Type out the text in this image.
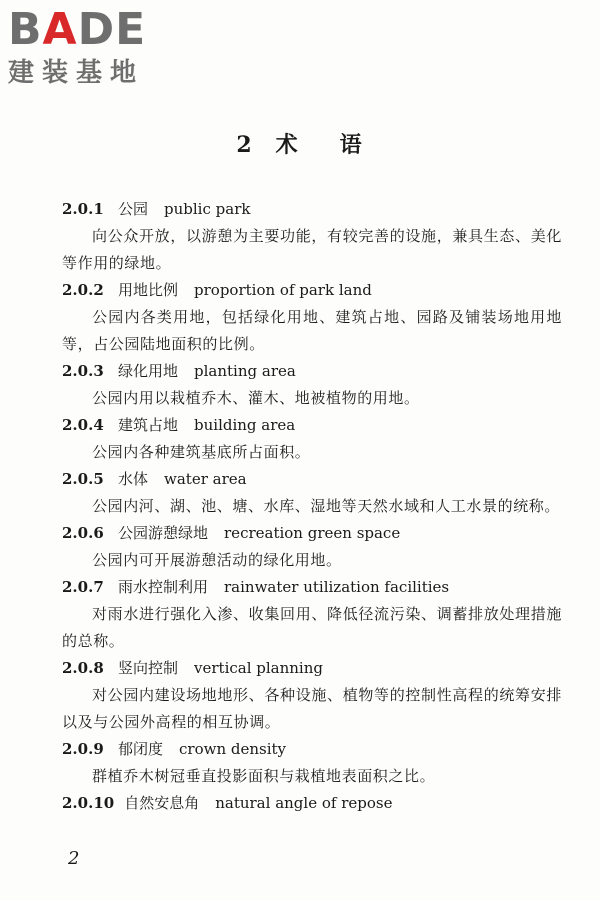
B A DE
建装基地
2 术 语
2.0.1 公园 public park
向公众开放，以游憩为主要功能，有较完善的设施，兼具生态、美化等作用的绿地。
2.0.2 用地比例 proportion of park land
公园内各类用地，包括绿化用地、建筑占地、园路及铺装场地用地等，占公园陆地面积的比例。
2.0.3 绿化用地 planting area
公园内用以栽植乔木、灌木、地被植物的用地。
2.0.4 建筑占地 building area
公园内各种建筑基底所占面积。
2.0.5 水体 water area
公园内河、湖、池、塘、水库、湿地等天然水域和人工水景的统称。
2.0.6 公园游憩绿地 recreation green space
公园内可开展游憩活动的绿化用地。
2.0.7 雨水控制利用 rainwater utilization facilities
对雨水进行强化入渗、收集回用、降低径流污染、调蓄排放处理措施的总称。
2.0.8 竖向控制 vertical planning
对公园内建设场地地形、各种设施、植物等的控制性高程的统筹安排以及与公园外高程的相互协调。
2.0.9 郁闭度 crown density
群植乔木树冠垂直投影面积与栽植地表面积之比。
2.0.10 自然安息角 natural angle of repose
2
